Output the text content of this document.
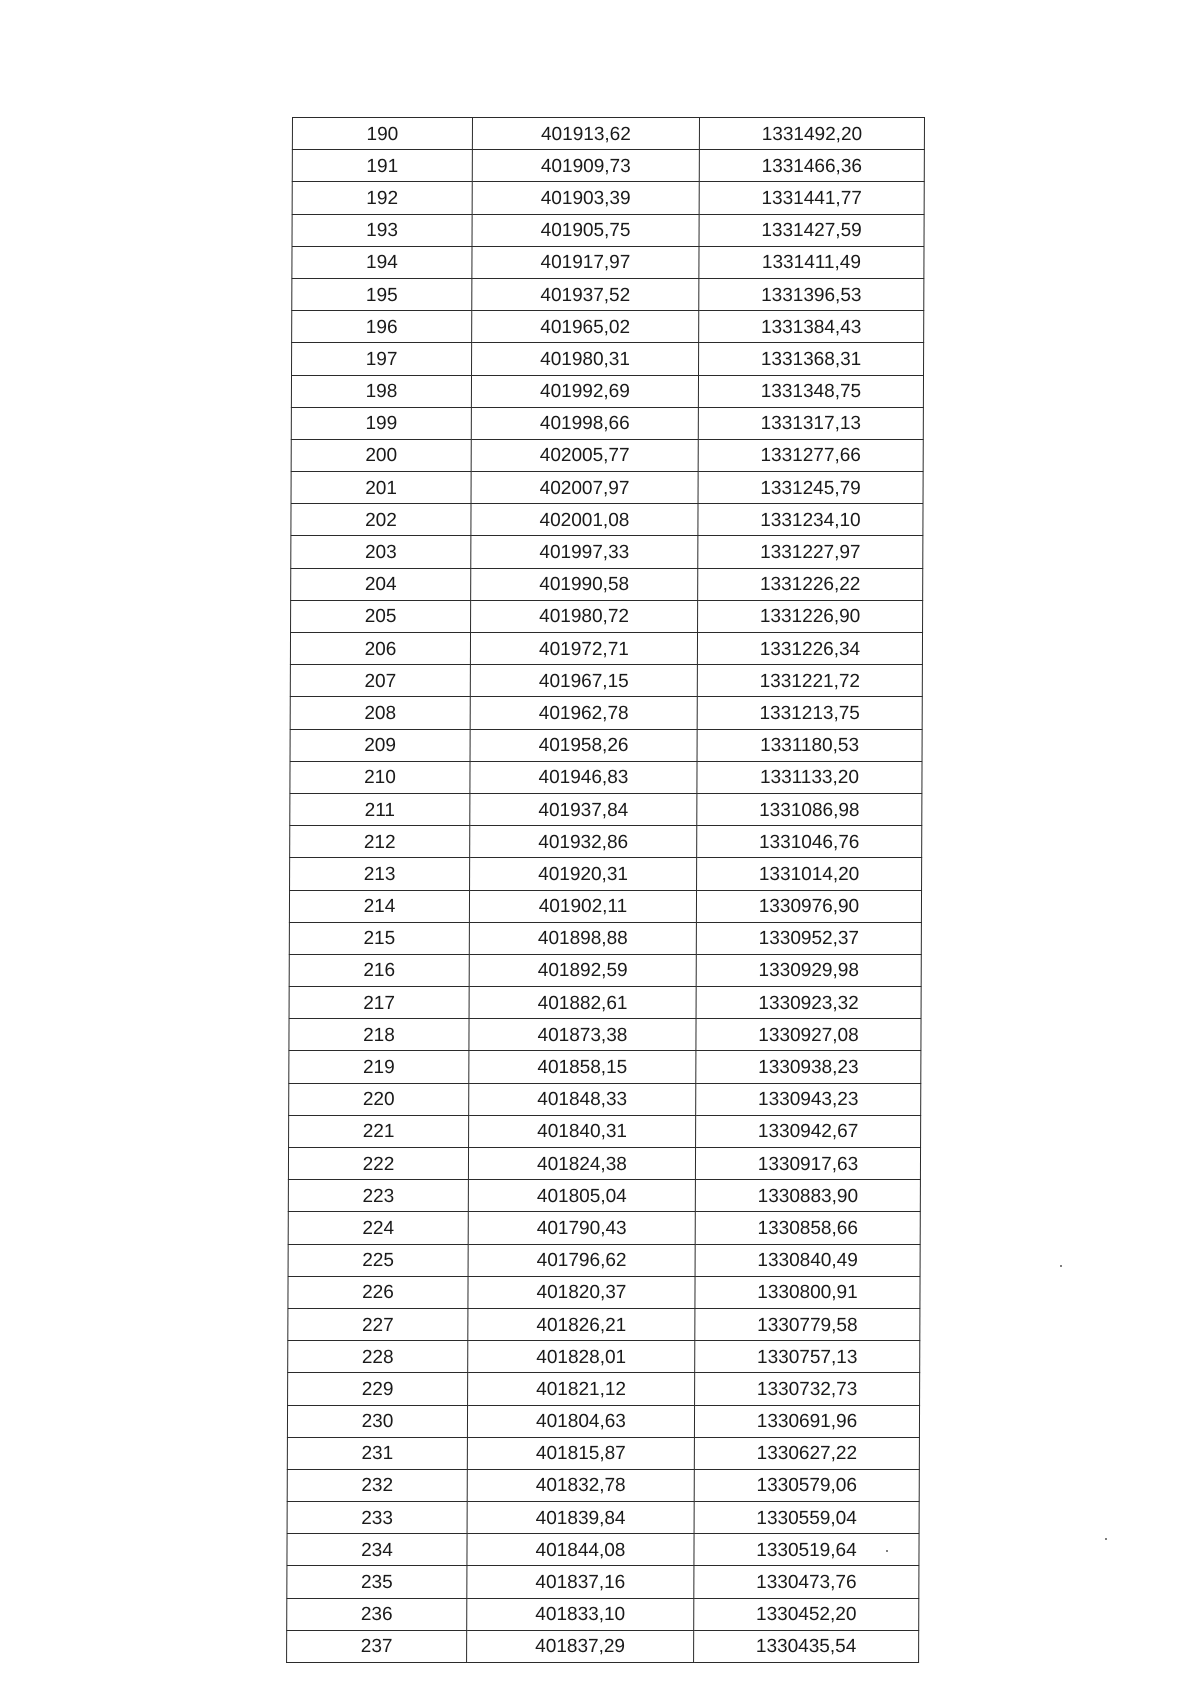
190	401913,62	1331492,20
191	401909,73	1331466,36
192	401903,39	1331441,77
193	401905,75	1331427,59
194	401917,97	1331411,49
195	401937,52	1331396,53
196	401965,02	1331384,43
197	401980,31	1331368,31
198	401992,69	1331348,75
199	401998,66	1331317,13
200	402005,77	1331277,66
201	402007,97	1331245,79
202	402001,08	1331234,10
203	401997,33	1331227,97
204	401990,58	1331226,22
205	401980,72	1331226,90
206	401972,71	1331226,34
207	401967,15	1331221,72
208	401962,78	1331213,75
209	401958,26	1331180,53
210	401946,83	1331133,20
211	401937,84	1331086,98
212	401932,86	1331046,76
213	401920,31	1331014,20
214	401902,11	1330976,90
215	401898,88	1330952,37
216	401892,59	1330929,98
217	401882,61	1330923,32
218	401873,38	1330927,08
219	401858,15	1330938,23
220	401848,33	1330943,23
221	401840,31	1330942,67
222	401824,38	1330917,63
223	401805,04	1330883,90
224	401790,43	1330858,66
225	401796,62	1330840,49
226	401820,37	1330800,91
227	401826,21	1330779,58
228	401828,01	1330757,13
229	401821,12	1330732,73
230	401804,63	1330691,96
231	401815,87	1330627,22
232	401832,78	1330579,06
233	401839,84	1330559,04
234	401844,08	1330519,64
235	401837,16	1330473,76
236	401833,10	1330452,20
237	401837,29	1330435,54
